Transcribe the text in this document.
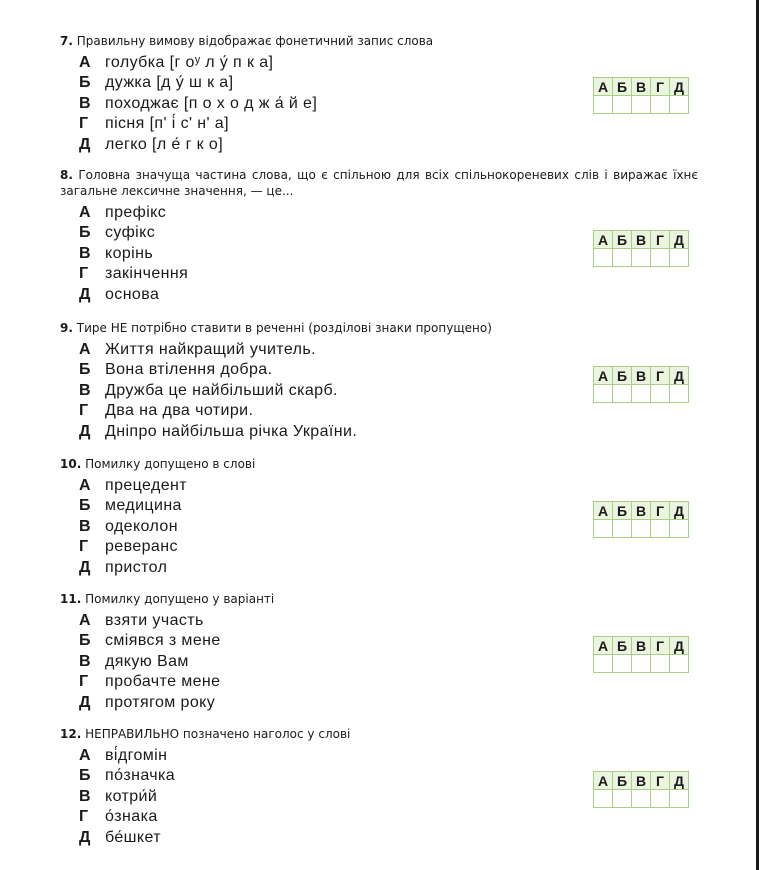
7. Правильну вимову відображає фонетичний запис слова
А голубка [г оʸ л у́ п к а]
Б дужка [д у́ ш к а]
В походжає [п о х о д ж а́ й е]
Г	пісня [п' і́ с' н' а]
Д легко [л е́ г к о]
А	Б	В	Г	Д

8. Головна значуща частина слова, що є спільною для всіх спільнокореневих слів і виражає їхнє загальне лексичне значення, — це...
А префікс
Б суфікс
В корінь
Г	закінчення
Д основа
А	Б	В	Г	Д

9. Тире НЕ потрібно ставити в реченні (розділові знаки пропущено)
А Життя найкращий учитель.
Б Вона втілення добра.
В Дружба це найбільший скарб.
Г	Два на два чотири.
Д Дніпро найбільша річка України.
А	Б	В	Г	Д

10. Помилку допущено в слові
А прецедент
Б медицина
В одеколон
Г	реверанс
Д пристол
А	Б	В	Г	Д

11. Помилку допущено у варіанті
А взяти участь
Б сміявся з мене
В дякую Вам
Г	пробачте мене
Д протягом року
А	Б	В	Г	Д

12. НЕПРАВИЛЬНО позначено наголос у слові
А ві́дгомін
Б по́значка
В котри́й
Г	о́знака
Д бе́шкет
А	Б	В	Г	Д
